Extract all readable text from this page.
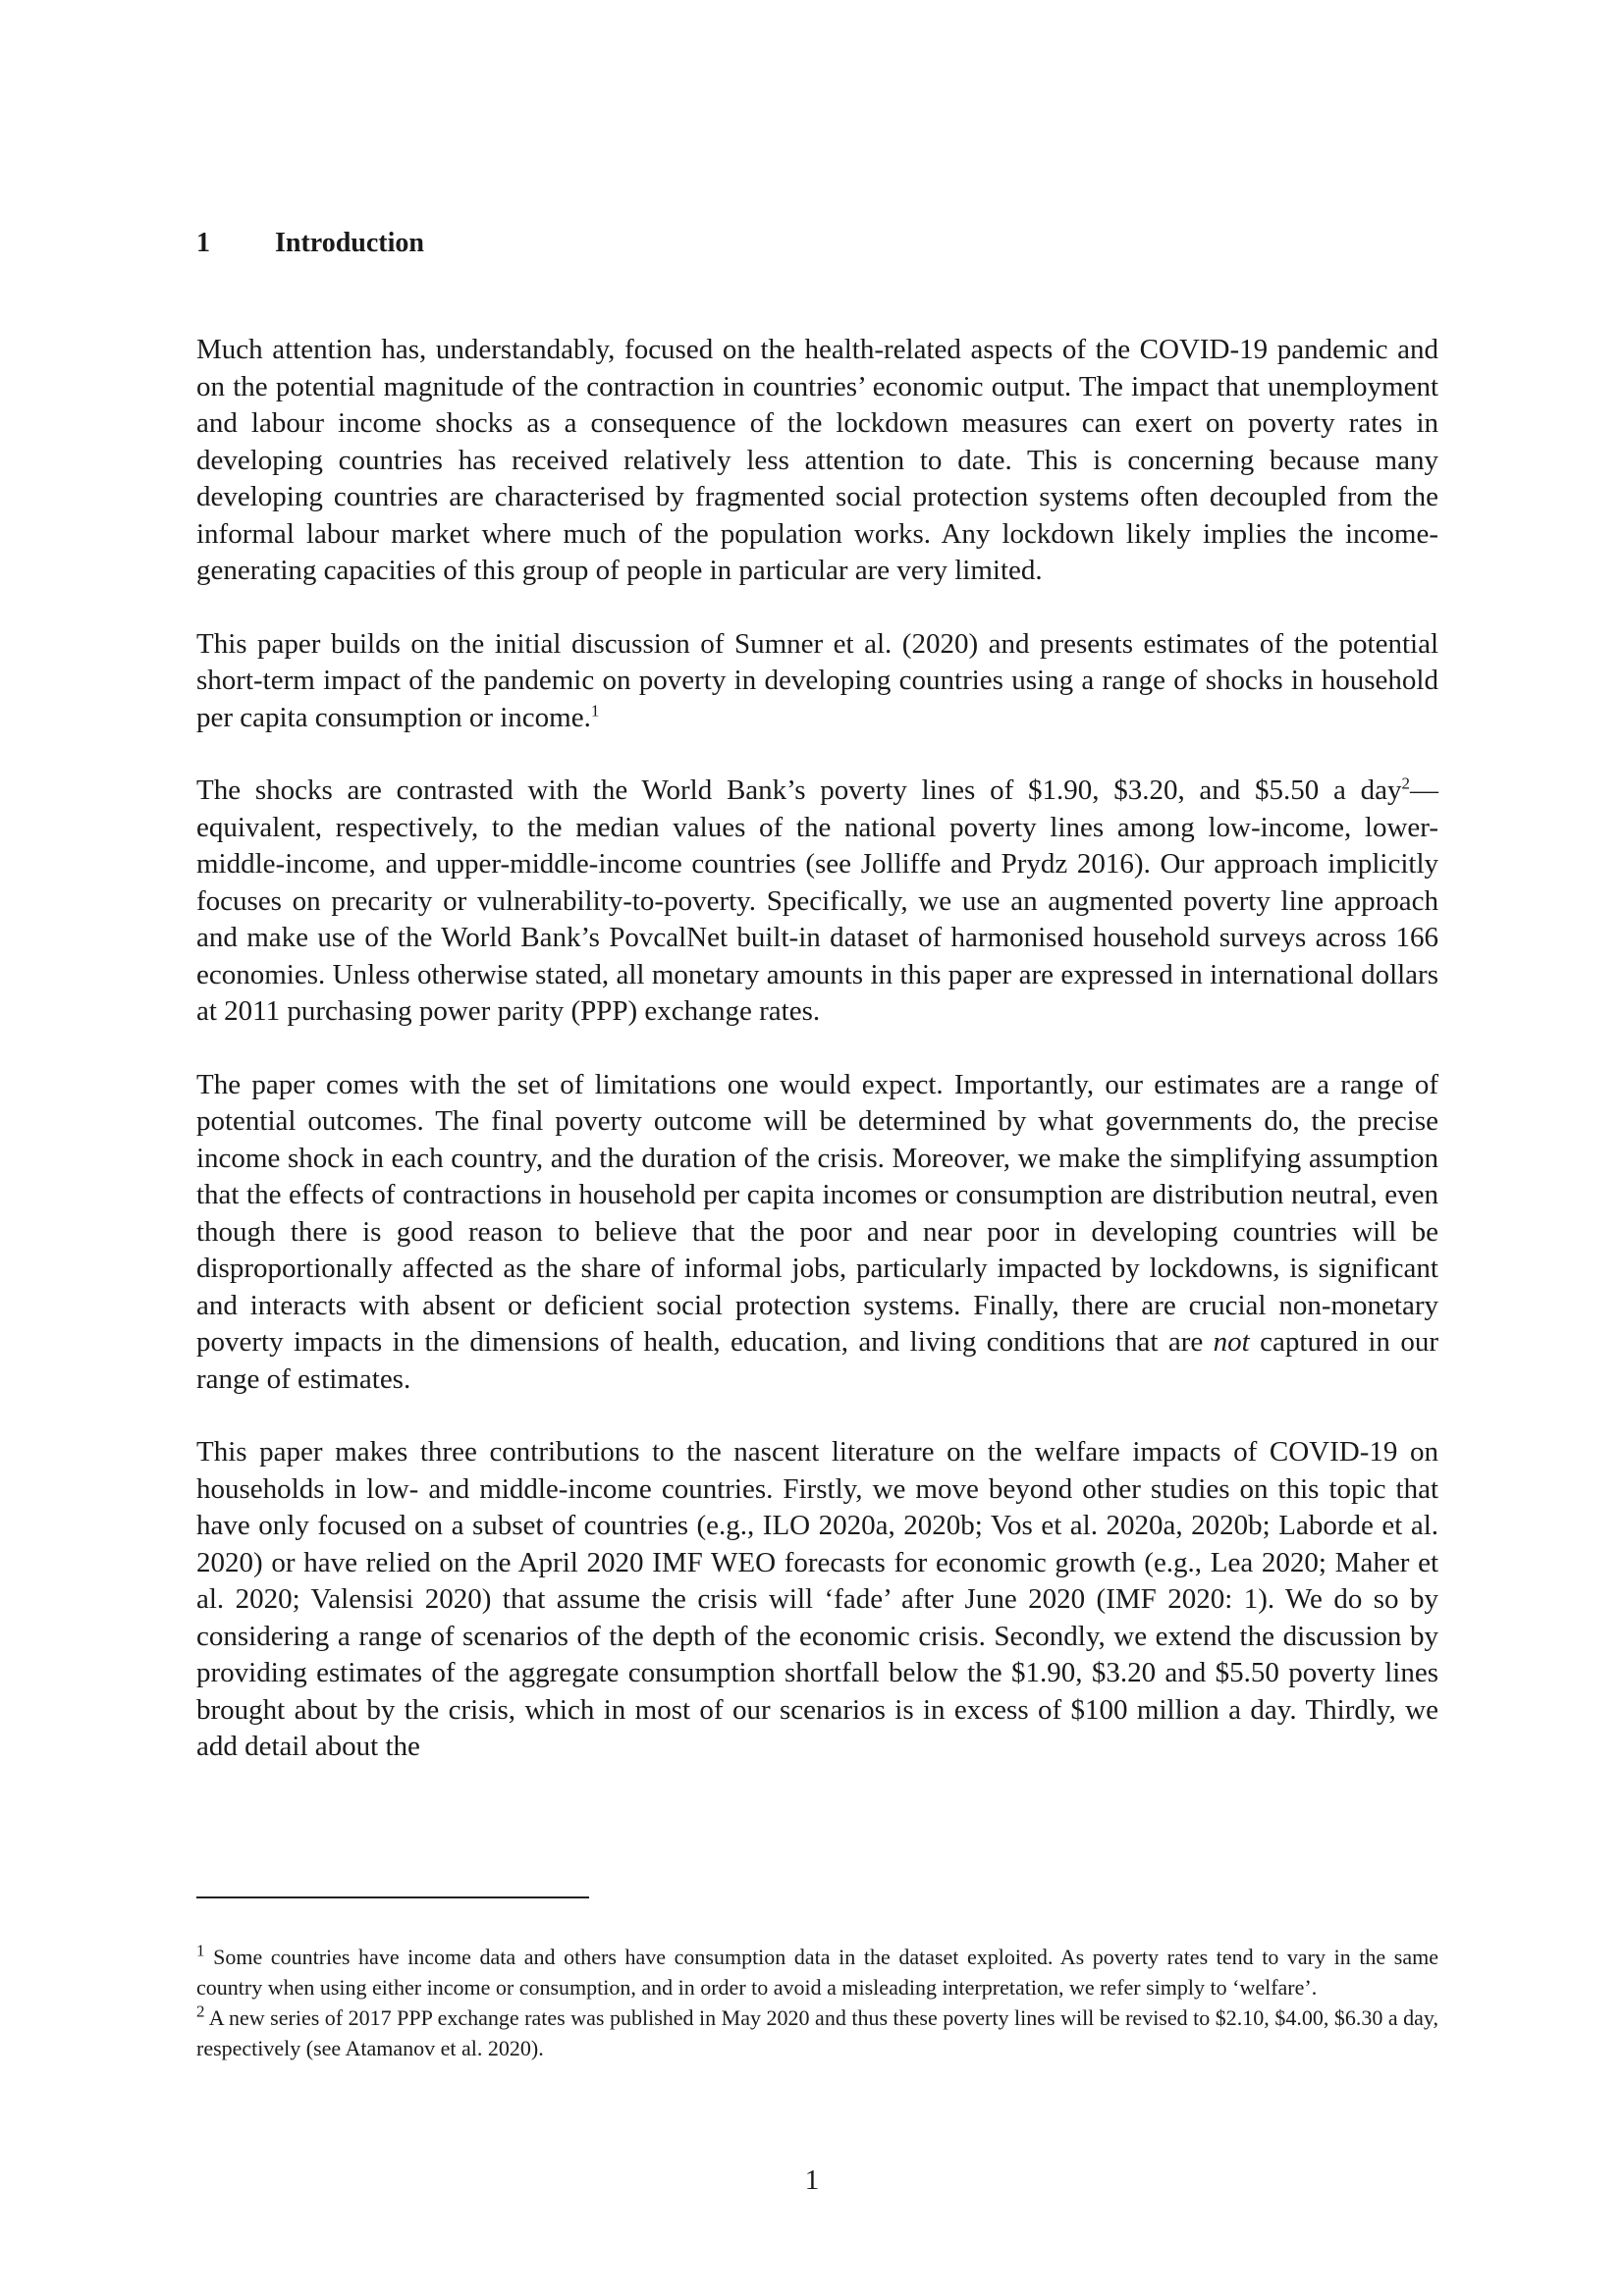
1 Introduction

Much attention has, understandably, focused on the health-related aspects of the COVID-19 pandemic and on the potential magnitude of the contraction in countries’ economic output. The impact that unemployment and labour income shocks as a consequence of the lockdown measures can exert on poverty rates in developing countries has received relatively less attention to date. This is concerning because many developing countries are characterised by fragmented social protection systems often decoupled from the informal labour market where much of the population works. Any lockdown likely implies the income-generating capacities of this group of people in particular are very limited.

This paper builds on the initial discussion of Sumner et al. (2020) and presents estimates of the potential short-term impact of the pandemic on poverty in developing countries using a range of shocks in household per capita consumption or income.$^1$

The shocks are contrasted with the World Bank’s poverty lines of $1.90, $3.20, and $5.50 a day$^2$— equivalent, respectively, to the median values of the national poverty lines among low-income, lower-middle-income, and upper-middle-income countries (see Jolliffe and Prydz 2016). Our approach implicitly focuses on precarity or vulnerability-to-poverty. Specifically, we use an augmented poverty line approach and make use of the World Bank’s PovcalNet built-in dataset of harmonised household surveys across 166 economies. Unless otherwise stated, all monetary amounts in this paper are expressed in international dollars at 2011 purchasing power parity (PPP) exchange rates.

The paper comes with the set of limitations one would expect. Importantly, our estimates are a range of potential outcomes. The final poverty outcome will be determined by what governments do, the precise income shock in each country, and the duration of the crisis. Moreover, we make the simplifying assumption that the effects of contractions in household per capita incomes or consumption are distribution neutral, even though there is good reason to believe that the poor and near poor in developing countries will be disproportionally affected as the share of informal jobs, particularly impacted by lockdowns, is significant and interacts with absent or deficient social protection systems. Finally, there are crucial non-monetary poverty impacts in the dimensions of health, education, and living conditions that are not captured in our range of estimates.

This paper makes three contributions to the nascent literature on the welfare impacts of COVID-19 on households in low- and middle-income countries. Firstly, we move beyond other studies on this topic that have only focused on a subset of countries (e.g., ILO 2020a, 2020b; Vos et al. 2020a, 2020b; Laborde et al. 2020) or have relied on the April 2020 IMF WEO forecasts for economic growth (e.g., Lea 2020; Maher et al. 2020; Valensisi 2020) that assume the crisis will ‘fade’ after June 2020 (IMF 2020: 1). We do so by considering a range of scenarios of the depth of the economic crisis. Secondly, we extend the discussion by providing estimates of the aggregate consumption shortfall below the $1.90, $3.20 and $5.50 poverty lines brought about by the crisis, which in most of our scenarios is in excess of $100 million a day. Thirdly, we add detail about the

$^1$ Some countries have income data and others have consumption data in the dataset exploited. As poverty rates tend to vary in the same country when using either income or consumption, and in order to avoid a misleading interpretation, we refer simply to ‘welfare’.

$^2$ A new series of 2017 PPP exchange rates was published in May 2020 and thus these poverty lines will be revised to $2.10, $4.00, $6.30 a day, respectively (see Atamanov et al. 2020).

1
